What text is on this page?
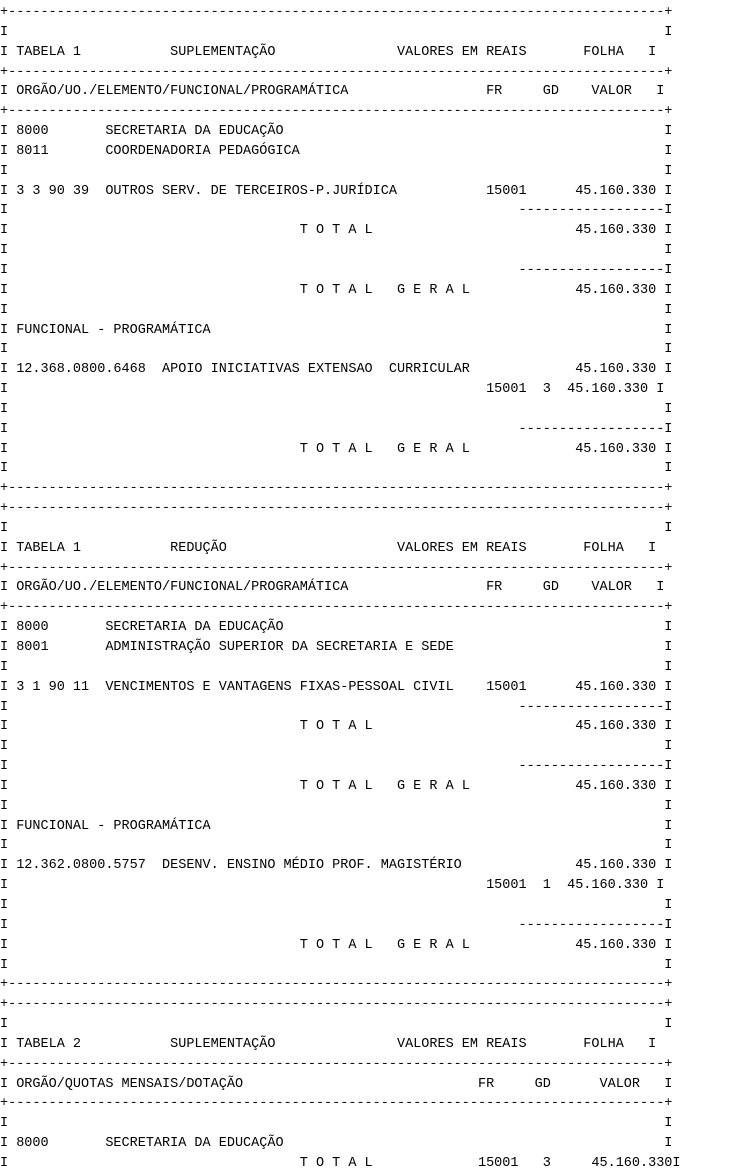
+---------------------------------------------------------------------------------+
I                                                                                 I
I TABELA 1           SUPLEMENTAÇÃO               VALORES EM REAIS       FOLHA   I
+---------------------------------------------------------------------------------+
I ORGÃO/UO./ELEMENTO/FUNCIONAL/PROGRAMÁTICA                 FR     GD    VALOR   I
+---------------------------------------------------------------------------------+
I 8000       SECRETARIA DA EDUCAÇÃO                                               I
I 8011       COORDENADORIA PEDAGÓGICA                                             I
I                                                                                 I
I 3 3 90 39  OUTROS SERV. DE TERCEIROS-P.JURÍDICA           15001      45.160.330 I
I                                                               ------------------I
I                                    T O T A L                         45.160.330 I
I                                                                                 I
I                                                               ------------------I
I                                    T O T A L   G E R A L             45.160.330 I
I                                                                                 I
I FUNCIONAL - PROGRAMÁTICA                                                        I
I                                                                                 I
I 12.368.0800.6468  APOIO INICIATIVAS EXTENSAO  CURRICULAR             45.160.330 I
I                                                           15001  3  45.160.330 I
I                                                                                 I
I                                                               ------------------I
I                                    T O T A L   G E R A L             45.160.330 I
I                                                                                 I
+---------------------------------------------------------------------------------+
+---------------------------------------------------------------------------------+
I                                                                                 I
I TABELA 1           REDUÇÃO                     VALORES EM REAIS       FOLHA   I
+---------------------------------------------------------------------------------+
I ORGÃO/UO./ELEMENTO/FUNCIONAL/PROGRAMÁTICA                 FR     GD    VALOR   I
+---------------------------------------------------------------------------------+
I 8000       SECRETARIA DA EDUCAÇÃO                                               I
I 8001       ADMINISTRAÇÃO SUPERIOR DA SECRETARIA E SEDE                          I
I                                                                                 I
I 3 1 90 11  VENCIMENTOS E VANTAGENS FIXAS-PESSOAL CIVIL    15001      45.160.330 I
I                                                               ------------------I
I                                    T O T A L                         45.160.330 I
I                                                                                 I
I                                                               ------------------I
I                                    T O T A L   G E R A L             45.160.330 I
I                                                                                 I
I FUNCIONAL - PROGRAMÁTICA                                                        I
I                                                                                 I
I 12.362.0800.5757  DESENV. ENSINO MÉDIO PROF. MAGISTÉRIO              45.160.330 I
I                                                           15001  1  45.160.330 I
I                                                                                 I
I                                                               ------------------I
I                                    T O T A L   G E R A L             45.160.330 I
I                                                                                 I
+---------------------------------------------------------------------------------+
+---------------------------------------------------------------------------------+
I                                                                                 I
I TABELA 2           SUPLEMENTAÇÃO               VALORES EM REAIS       FOLHA   I
+---------------------------------------------------------------------------------+
I ORGÃO/QUOTAS MENSAIS/DOTAÇÃO                             FR     GD      VALOR   I
+---------------------------------------------------------------------------------+
I                                                                                 I
I 8000       SECRETARIA DA EDUCAÇÃO                                               I
I                                    T O T A L             15001   3     45.160.330I
